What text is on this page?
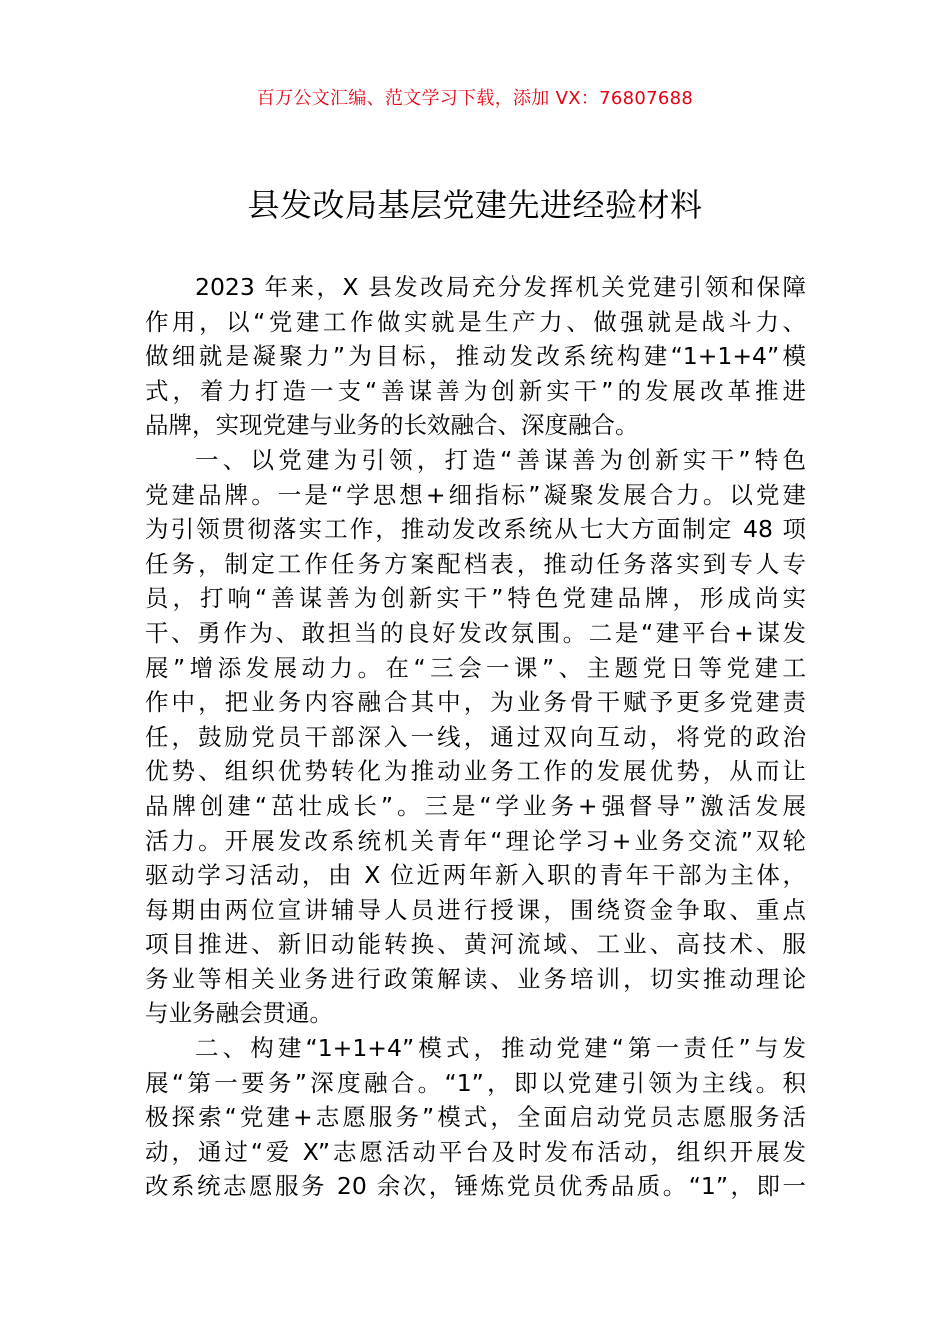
百万公文汇编、范文学习下载，添加 VX：76807688
县发改局基层党建先进经验材料
2023 年来，X 县发改局充分发挥机关党建引领和保障
作用，以“党建工作做实就是生产力、做强就是战斗力、
做细就是凝聚力”为目标，推动发改系统构建“1+1+4”模
式，着力打造一支“善谋善为创新实干”的发展改革推进
品牌，实现党建与业务的长效融合、深度融合。
一、以党建为引领，打造“善谋善为创新实干”特色
党建品牌。一是“学思想+细指标”凝聚发展合力。以党建
为引领贯彻落实工作，推动发改系统从七大方面制定 48 项
任务，制定工作任务方案配档表，推动任务落实到专人专
员，打响“善谋善为创新实干”特色党建品牌，形成尚实
干、勇作为、敢担当的良好发改氛围。二是“建平台+谋发
展”增添发展动力。在“三会一课”、主题党日等党建工
作中，把业务内容融合其中，为业务骨干赋予更多党建责
任，鼓励党员干部深入一线，通过双向互动，将党的政治
优势、组织优势转化为推动业务工作的发展优势，从而让
品牌创建“茁壮成长”。三是“学业务+强督导”激活发展
活力。开展发改系统机关青年“理论学习+业务交流”双轮
驱动学习活动，由 X 位近两年新入职的青年干部为主体，
每期由两位宣讲辅导人员进行授课，围绕资金争取、重点
项目推进、新旧动能转换、黄河流域、工业、高技术、服
务业等相关业务进行政策解读、业务培训，切实推动理论
与业务融会贯通。
二、构建“1+1+4”模式，推动党建“第一责任”与发
展“第一要务”深度融合。“1”，即以党建引领为主线。积
极探索“党建+志愿服务”模式，全面启动党员志愿服务活
动，通过“爱 X”志愿活动平台及时发布活动，组织开展发
改系统志愿服务 20 余次，锤炼党员优秀品质。“1”，即一
